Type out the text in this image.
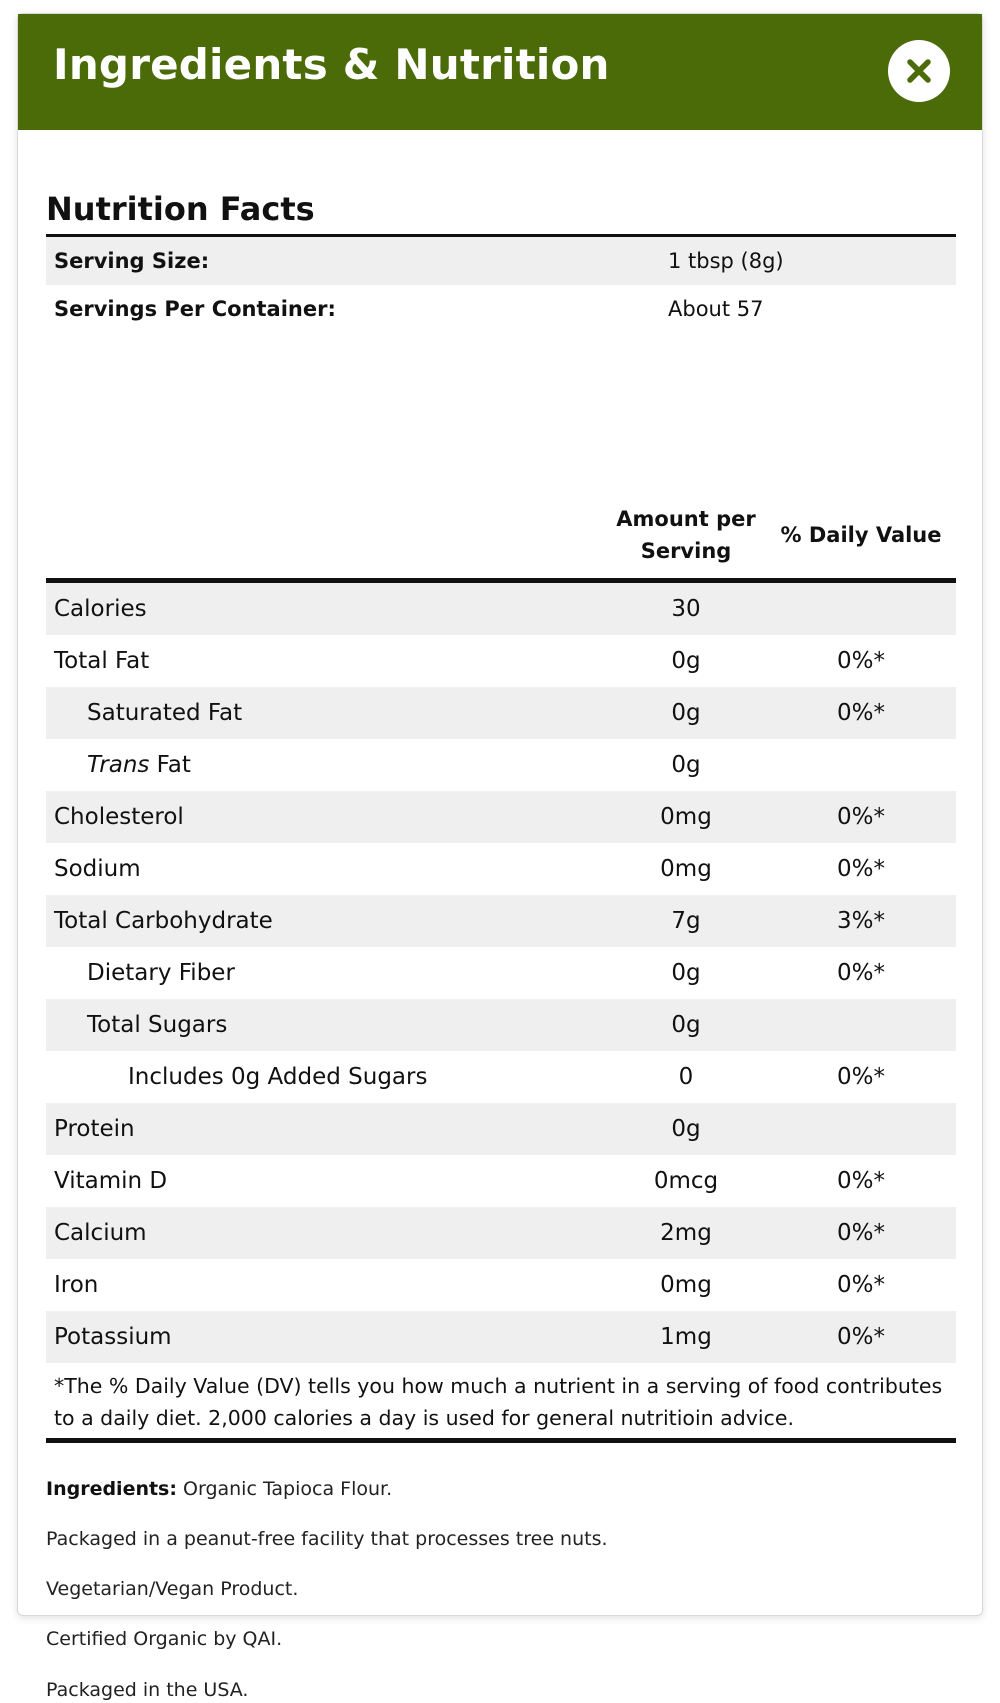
Ingredients & Nutrition
Nutrition Facts
Serving Size:	1 tbsp (8g)
Servings Per Container:	About 57
Amount per
Serving
% Daily Value
Calories	30
Total Fat	0g	0%*
Saturated Fat	0g	0%*
Trans Fat	0g
Cholesterol	0mg	0%*
Sodium	0mg	0%*
Total Carbohydrate	7g	3%*
Dietary Fiber	0g	0%*
Total Sugars	0g
Includes 0g Added Sugars	0	0%*
Protein	0g
Vitamin D	0mcg	0%*
Calcium	2mg	0%*
Iron	0mg	0%*
Potassium	1mg	0%*

*The % Daily Value (DV) tells you how much a nutrient in a serving of food contributes to a daily diet. 2,000 calories a day is used for general nutritioin advice.

Ingredients: Organic Tapioca Flour.

Packaged in a peanut-free facility that processes tree nuts.

Vegetarian/Vegan Product.

Certified Organic by QAI.

Packaged in the USA.
